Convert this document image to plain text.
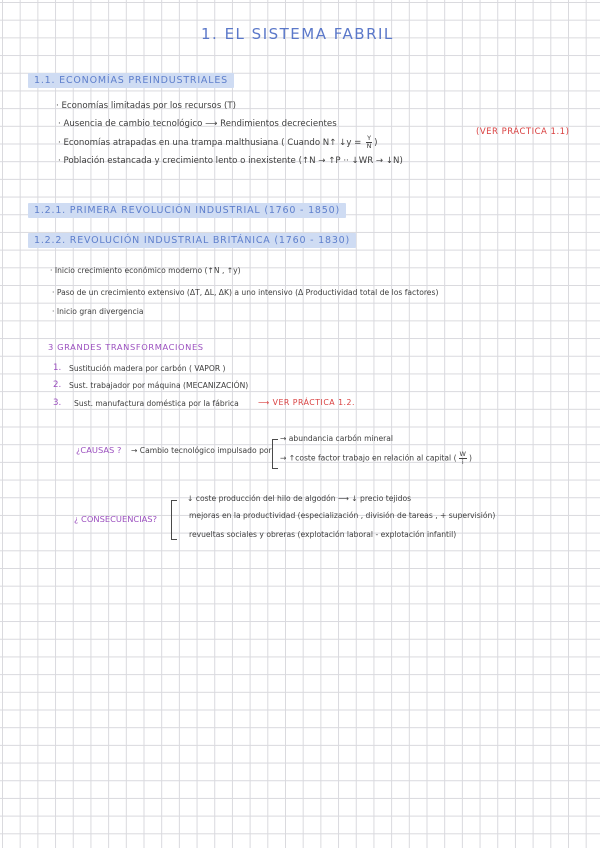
1. EL SISTEMA FABRIL
1.1. ECONOMÍAS PREINDUSTRIALES
· Economías limitadas por los recursos (T)
· Ausencia de cambio tecnológico ⟶ Rendimientos decrecientes
· Economías atrapadas en una trampa malthusiana ( Cuando N↑ ↓y = $\frac{Y}{N}$ )
· Población estancada y crecimiento lento o inexistente (↑N → ↑P ·· ↓WR → ↓N)
(VER PRÁCTICA 1.1)
1.2.1. PRIMERA REVOLUCIÓN INDUSTRIAL (1760 - 1850)
1.2.2. REVOLUCIÓN INDUSTRIAL BRITÁNICA (1760 - 1830)
· Inicio crecimiento económico moderno (↑N , ↑y)
· Paso de un crecimiento extensivo (ΔT, ΔL, ΔK) a uno intensivo (Δ Productividad total de los factores)
· Inicio gran divergencia
3 GRANDES TRANSFORMACIONES
1. Sustitución madera por carbón ( VAPOR )
2. Sust. trabajador por máquina (MECANIZACIÓN)
3. Sust. manufactura doméstica por la fábrica ⟶ VER PRÁCTICA 1.2.
¿CAUSAS ? → Cambio tecnológico impulsado por
→ abundancia carbón mineral
→ ↑coste factor trabajo en relación al capital ( $\frac{W}{i}$ )
¿ CONSECUENCIAS?
↓ coste producción del hilo de algodón ⟶ ↓ precio tejidos
mejoras en la productividad (especialización , división de tareas , + supervisión)
revueltas sociales y obreras (explotación laboral - explotación infantil)
